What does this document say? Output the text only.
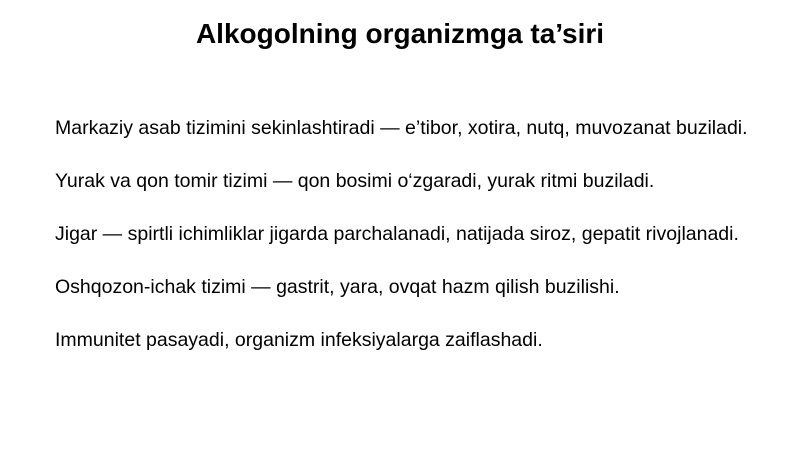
Alkogolning organizmga ta’siri
Markaziy asab tizimini sekinlashtiradi — e’tibor, xotira, nutq, muvozanat buziladi.
Yurak va qon tomir tizimi — qon bosimi o‘zgaradi, yurak ritmi buziladi.
Jigar — spirtli ichimliklar jigarda parchalanadi, natijada siroz, gepatit rivojlanadi.
Oshqozon-ichak tizimi — gastrit, yara, ovqat hazm qilish buzilishi.
Immunitet pasayadi, organizm infeksiyalarga zaiflashadi.
